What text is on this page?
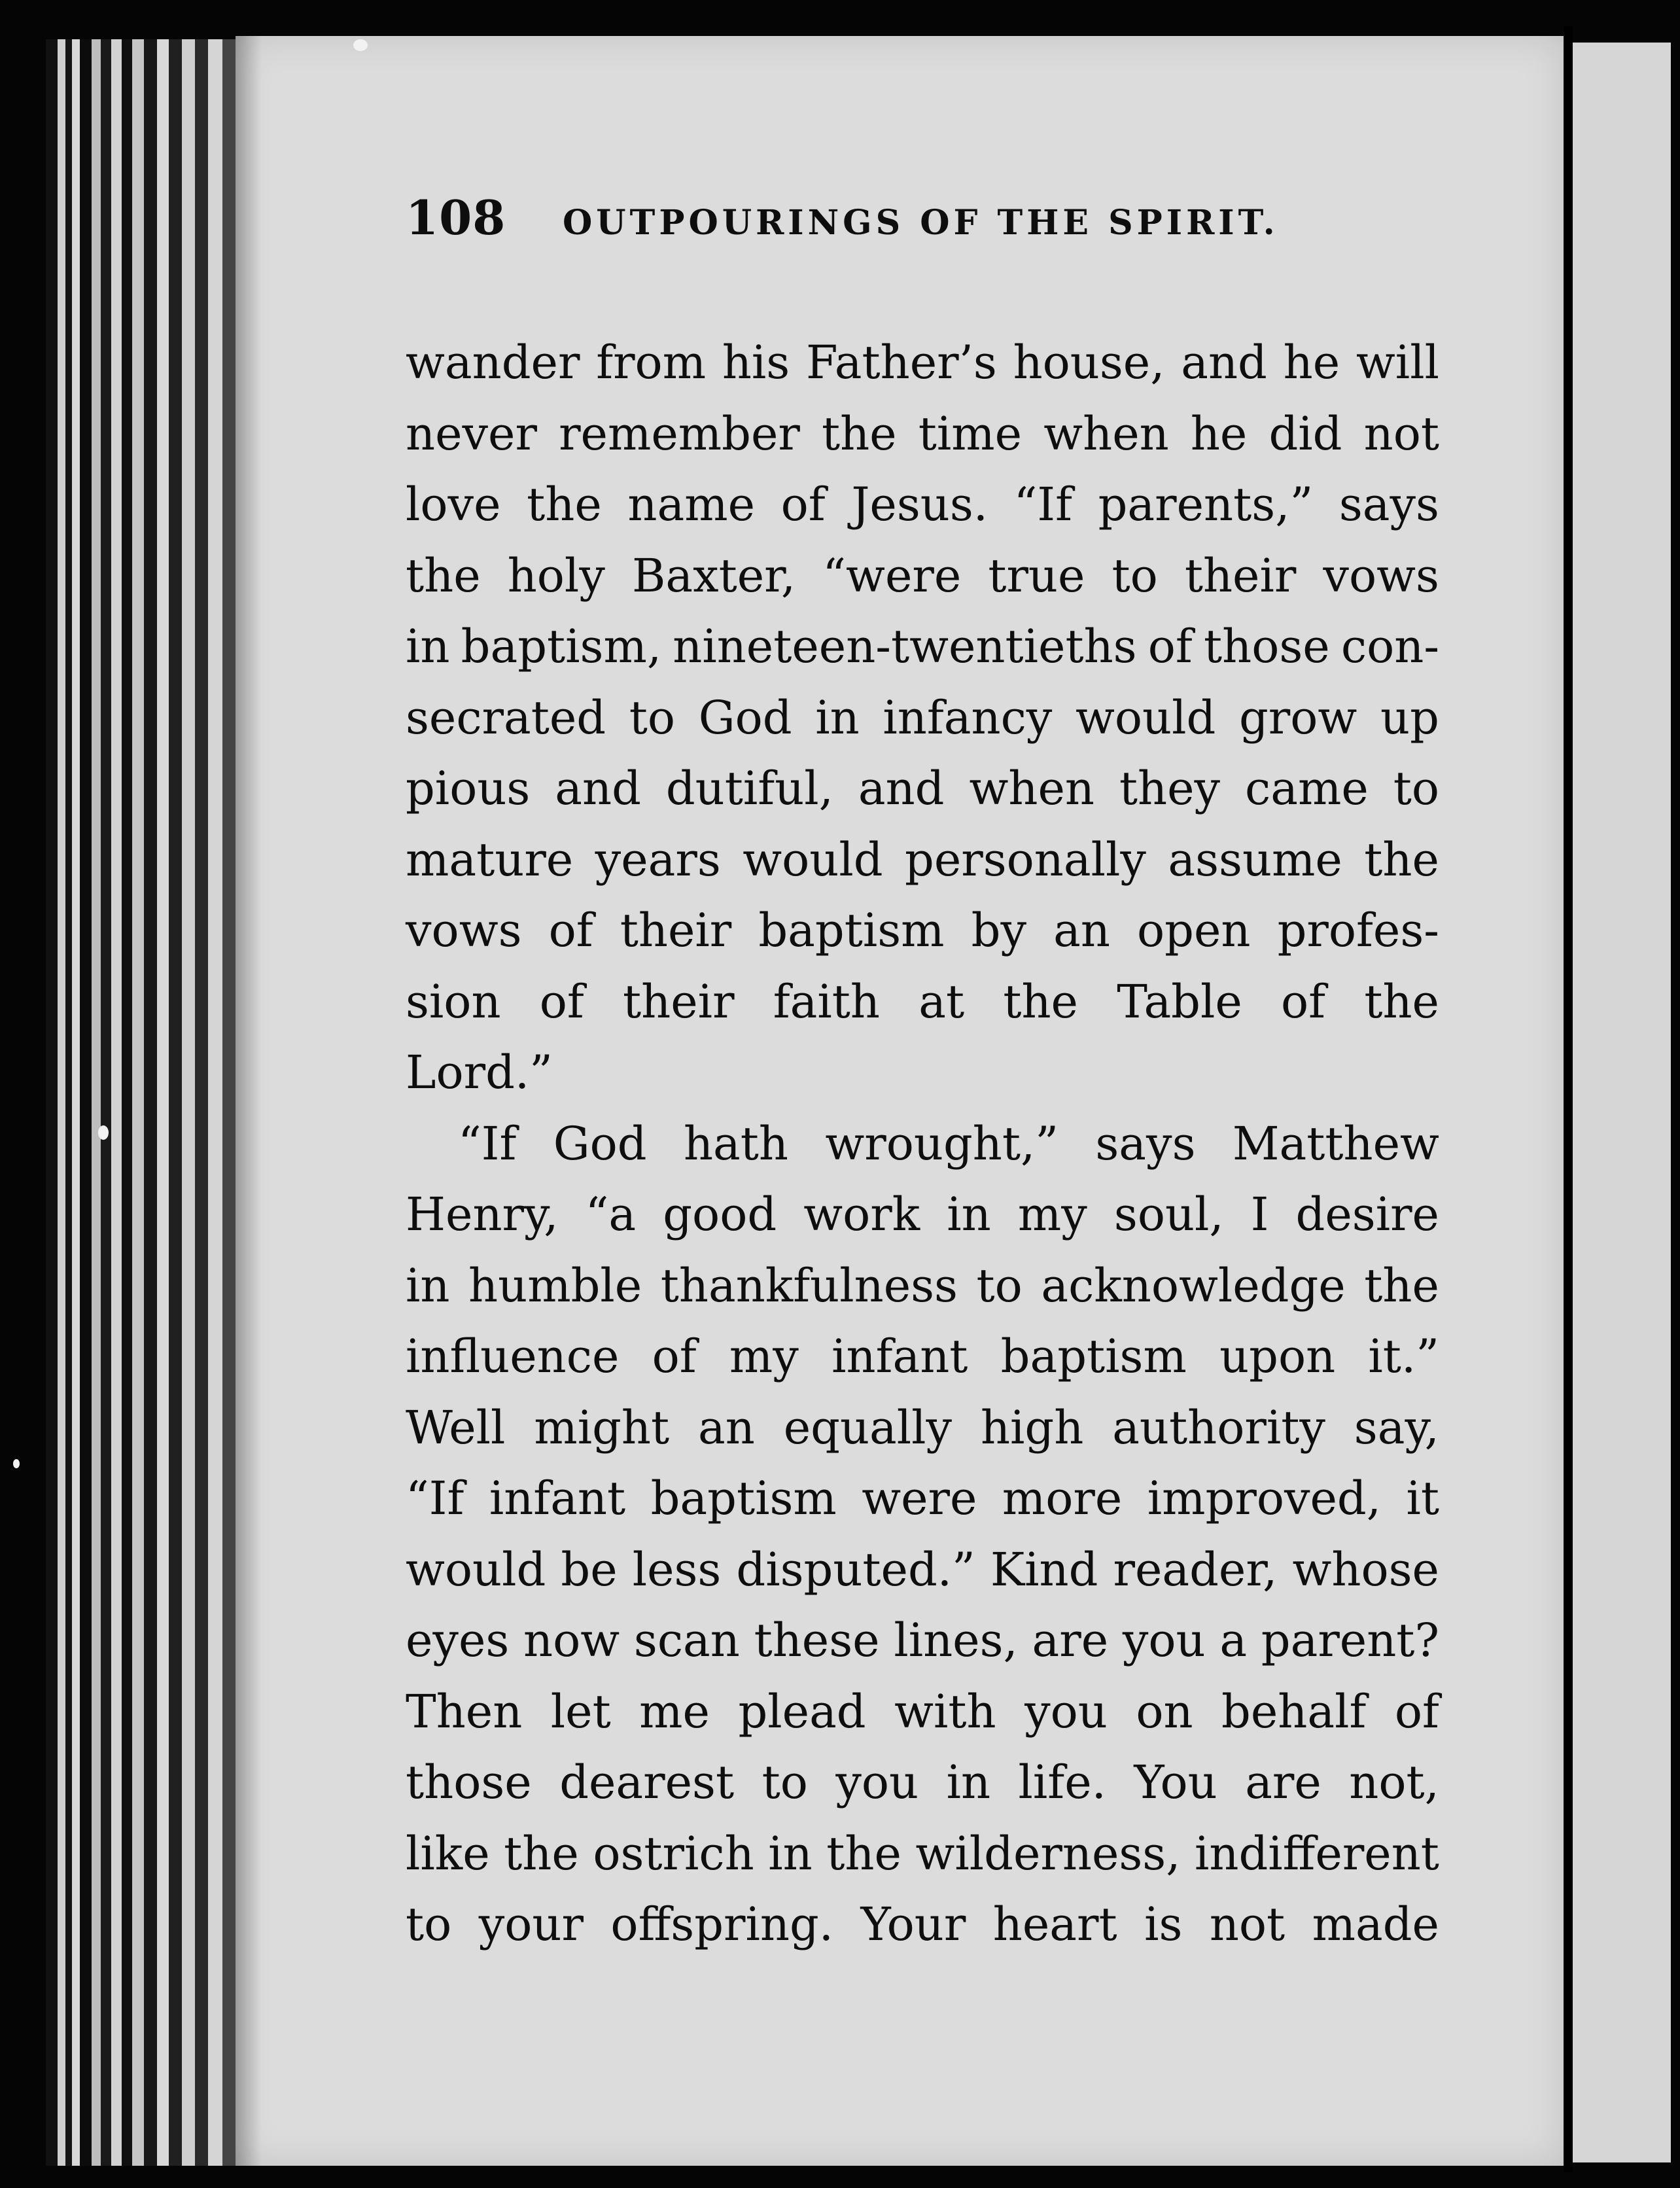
108	OUTPOURINGS OF THE SPIRIT.
wander from his Father’s house, and he will
never remember the time when he did not
love the name of Jesus. “If parents,” says
the holy Baxter, “were true to their vows
in baptism, nineteen-twentieths of those con-
secrated to God in infancy would grow up
pious and dutiful, and when they came to
mature years would personally assume the
vows of their baptism by an open profes-
sion of their faith at the Table of the
Lord.”
“If God hath wrought,” says Matthew
Henry, “a good work in my soul, I desire
in humble thankfulness to acknowledge the
influence of my infant baptism upon it.”
Well might an equally high authority say,
“If infant baptism were more improved, it
would be less disputed.” Kind reader, whose
eyes now scan these lines, are you a parent?
Then let me plead with you on behalf of
those dearest to you in life. You are not,
like the ostrich in the wilderness, indifferent
to your offspring. Your heart is not made
